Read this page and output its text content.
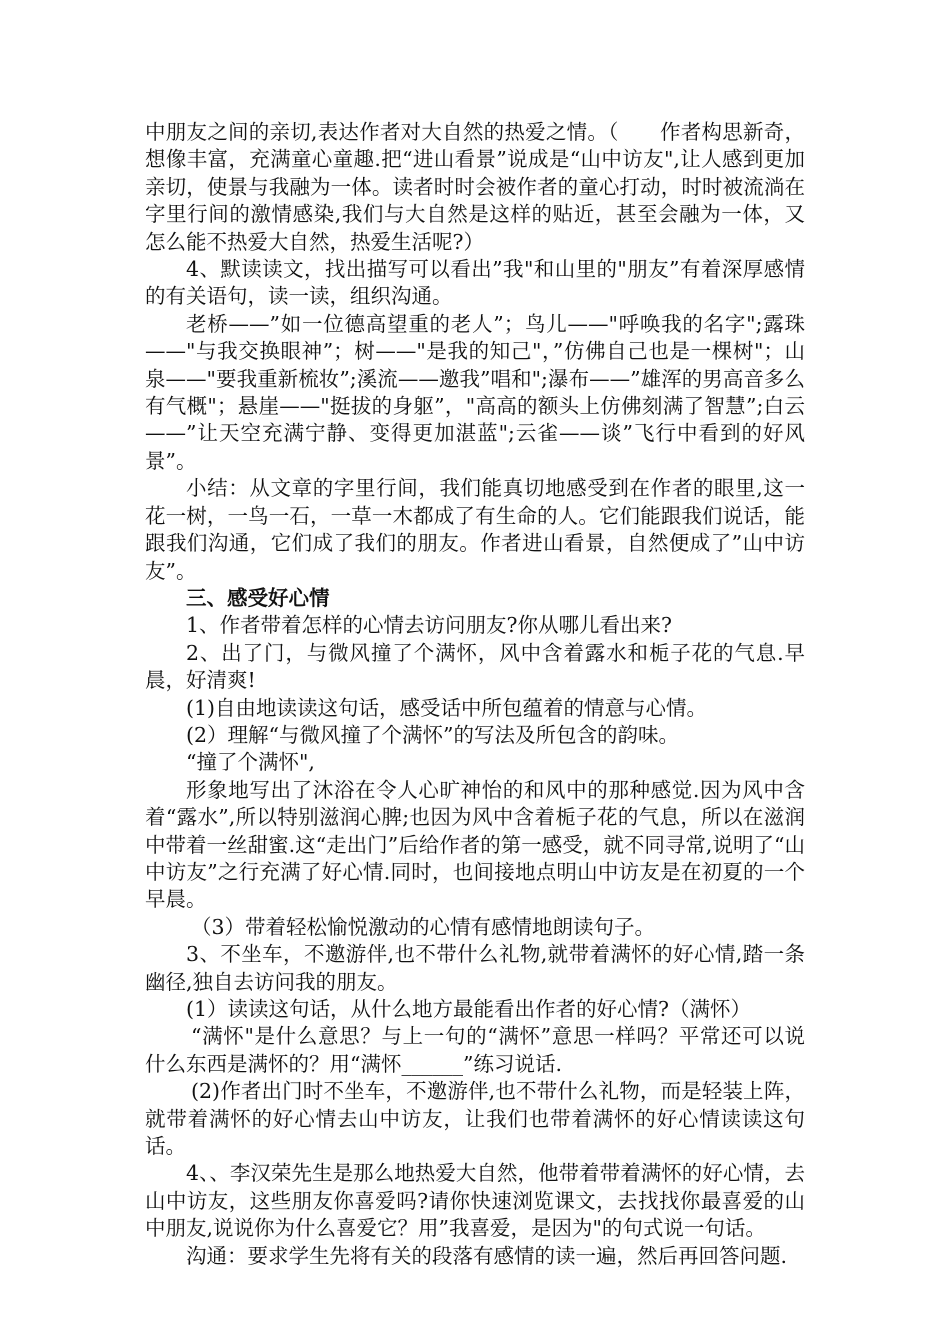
中朋友之间的亲切,表达作者对大自然的热爱之情。（　　作者构思新奇，想像丰富，充满童心童趣.把“进山看景”说成是“山中访友",让人感到更加亲切，使景与我融为一体。读者时时会被作者的童心打动，时时被流淌在字里行间的激情感染,我们与大自然是这样的贴近，甚至会融为一体，又怎么能不热爱大自然，热爱生活呢?）

4、默读读文，找出描写可以看出”我"和山里的"朋友”有着深厚感情的有关语句，读一读，组织沟通。

老桥——”如一位德高望重的老人”；鸟儿——"呼唤我的名字";露珠——"与我交换眼神”；树——"是我的知己"，”仿佛自己也是一棵树"；山泉——"要我重新梳妆”;溪流——邀我”唱和";瀑布——”雄浑的男高音多么有气概"；悬崖——"挺拔的身躯”，"高高的额头上仿佛刻满了智慧”;白云——”让天空充满宁静、变得更加湛蓝";云雀——谈”飞行中看到的好风景”。

小结：从文章的字里行间，我们能真切地感受到在作者的眼里,这一花一树，一鸟一石，一草一木都成了有生命的人。它们能跟我们说话，能跟我们沟通，它们成了我们的朋友。作者进山看景，自然便成了”山中访友”。

三、感受好心情

1、作者带着怎样的心情去访问朋友?你从哪儿看出来?

2、出了门，与微风撞了个满怀，风中含着露水和栀子花的气息.早晨，好清爽!

(1)自由地读读这句话，感受话中所包蕴着的情意与心情。

(2）理解“与微风撞了个满怀”的写法及所包含的韵味。

“撞了个满怀",

形象地写出了沐浴在令人心旷神怡的和风中的那种感觉.因为风中含着“露水”,所以特别滋润心脾;也因为风中含着栀子花的气息，所以在滋润中带着一丝甜蜜.这“走出门”后给作者的第一感受，就不同寻常,说明了“山中访友”之行充满了好心情.同时，也间接地点明山中访友是在初夏的一个早晨。

（3）带着轻松愉悦激动的心情有感情地朗读句子。

3、不坐车，不邀游伴,也不带什么礼物,就带着满怀的好心情,踏一条幽径,独自去访问我的朋友。

(1）读读这句话，从什么地方最能看出作者的好心情?（满怀）

“满怀"是什么意思？与上一句的“满怀”意思一样吗？平常还可以说什么东西是满怀的？用“满怀______”练习说话.

(2)作者出门时不坐车，不邀游伴,也不带什么礼物，而是轻装上阵，就带着满怀的好心情去山中访友，让我们也带着满怀的好心情读读这句话。

4、、李汉荣先生是那么地热爱大自然，他带着带着满怀的好心情，去山中访友，这些朋友你喜爱吗?请你快速浏览课文，去找找你最喜爱的山中朋友,说说你为什么喜爱它？用”我喜爱，是因为"的句式说一句话。

沟通：要求学生先将有关的段落有感情的读一遍，然后再回答问题.
